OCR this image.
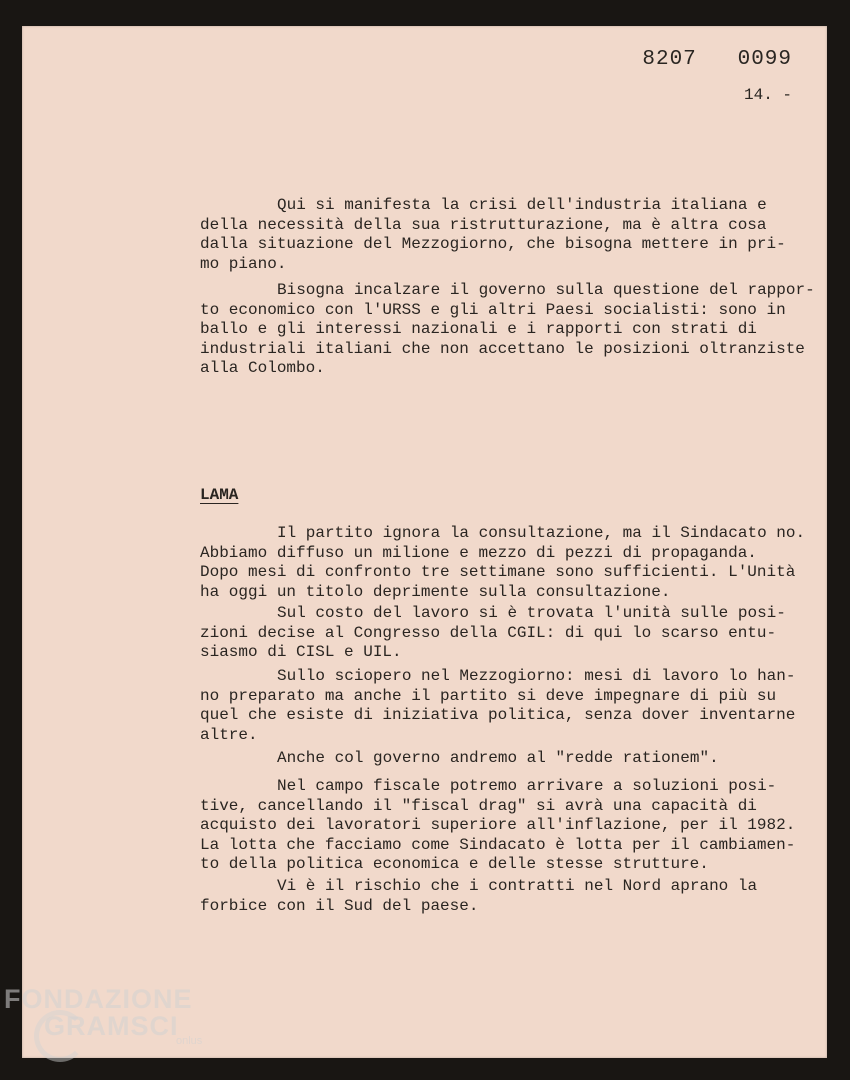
8207   0099
14. -

Qui si manifesta la crisi dell'industria italiana e
della necessità della sua ristrutturazione, ma è altra cosa
dalla situazione del Mezzogiorno, che bisogna mettere in pri-
mo piano.

Bisogna incalzare il governo sulla questione del rappor-
to economico con l'URSS e gli altri Paesi socialisti: sono in
ballo e gli interessi nazionali e i rapporti con strati di
industriali italiani che non accettano le posizioni oltranziste
alla Colombo.

LAMA

Il partito ignora la consultazione, ma il Sindacato no.
Abbiamo diffuso un milione e mezzo di pezzi di propaganda.
Dopo mesi di confronto tre settimane sono sufficienti. L'Unità
ha oggi un titolo deprimente sulla consultazione.

Sul costo del lavoro si è trovata l'unità sulle posi-
zioni decise al Congresso della CGIL: di qui lo scarso entu-
siasmo di CISL e UIL.

Sullo sciopero nel Mezzogiorno: mesi di lavoro lo han-
no preparato ma anche il partito si deve impegnare di più su
quel che esiste di iniziativa politica, senza dover inventarne
altre.

Anche col governo andremo al "redde rationem".

Nel campo fiscale potremo arrivare a soluzioni posi-
tive, cancellando il "fiscal drag" si avrà una capacità di
acquisto dei lavoratori superiore all'inflazione, per il 1982.
La lotta che facciamo come Sindacato è lotta per il cambiamen-
to della politica economica e delle stesse strutture.

Vi è il rischio che i contratti nel Nord aprano la
forbice con il Sud del paese.

FONDAZIONE
GRAMSCI
onlus
